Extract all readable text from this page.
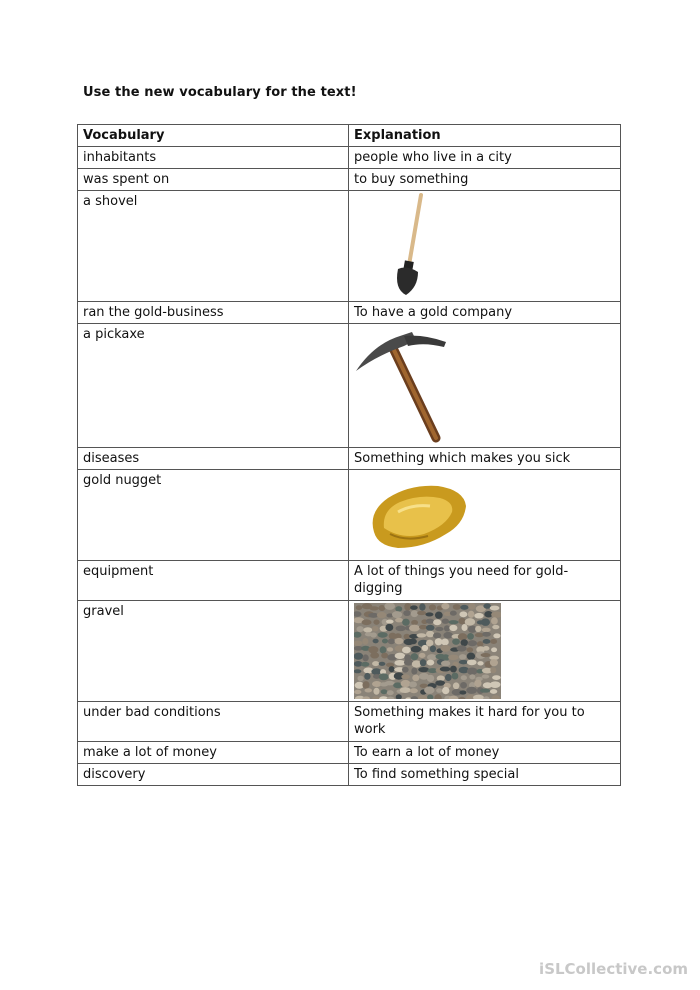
Use the new vocabulary for the text!
Vocabulary	Explanation
inhabitants	people who live in a city
was spent on	to buy something
a shovel	

ran the gold-business	To have a gold company
a pickaxe	

diseases	Something which makes you sick
gold nugget	

equipment	A lot of things you need for gold-digging
gravel	

under bad conditions	Something makes it hard for you to work
make a lot of money	To earn a lot of money
discovery	To find something special
iSLCollective.com
